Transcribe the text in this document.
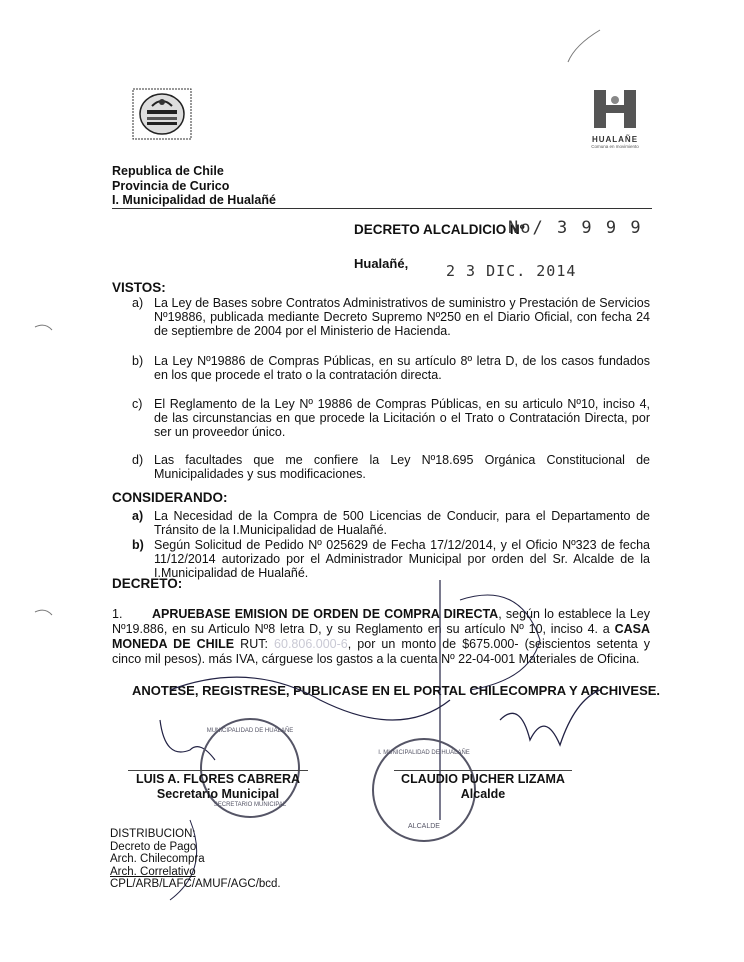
HUALAÑE
Comuna en movimiento
Republica de Chile
Provincia de Curico
I. Municipalidad de Hualañé
DECRETO ALCALDICIO Nº
No/ 3 9 9 9
Hualañé,	2 3 DIC. 2014
VISTOS:
a) La Ley de Bases sobre Contratos Administrativos de suministro y Prestación de Servicios Nº19886, publicada mediante Decreto Supremo Nº250 en el Diario Oficial, con fecha 24 de septiembre de 2004 por el Ministerio de Hacienda.
b) La Ley Nº19886 de Compras Públicas, en su artículo 8º letra D, de los casos fundados en los que procede el trato o la contratación directa.
c) El Reglamento de la Ley Nº 19886 de Compras Públicas, en su articulo Nº10, inciso 4, de las circunstancias en que procede la Licitación o el Trato o Contratación Directa, por ser un proveedor único.
d) Las facultades que me confiere la Ley Nº18.695 Orgánica Constitucional de Municipalidades y sus modificaciones.
CONSIDERANDO:
a) La Necesidad de la Compra de 500 Licencias de Conducir, para el Departamento de Tránsito de la I.Municipalidad de Hualañé.
b) Según Solicitud de Pedido Nº 025629 de Fecha 17/12/2014, y el Oficio Nº323 de fecha 11/12/2014 autorizado por el Administrador Municipal por orden del Sr. Alcalde de la I.Municipalidad de Hualañé.
DECRETO:
1. APRUEBASE EMISION DE ORDEN DE COMPRA DIRECTA, según lo establece la Ley Nº19.886, en su Articulo Nº8 letra D, y su Reglamento en su artículo Nº 10, inciso 4. a CASA MONEDA DE CHILE RUT: 60.806.000-6, por un monto de $675.000- (seiscientos setenta y cinco mil pesos). más IVA, cárguese los gastos a la cuenta Nº 22-04-001 Materiales de Oficina.
ANOTESE, REGISTRESE, PUBLICASE EN EL PORTAL CHILECOMPRA Y ARCHIVESE.
MUNICIPALIDAD DE HUALAÑE
SECRETARIO MUNICIPAL
I. MUNICIPALIDAD DE HUALAÑE
ALCALDE
LUIS A. FLORES CABRERA
Secretario Municipal
CLAUDIO PUCHER LIZAMA
Alcalde
DISTRIBUCION:
Decreto de Pago
Arch. Chilecompra
Arch. Correlativo
CPL/ARB/LAFC/AMUF/AGC/bcd.
